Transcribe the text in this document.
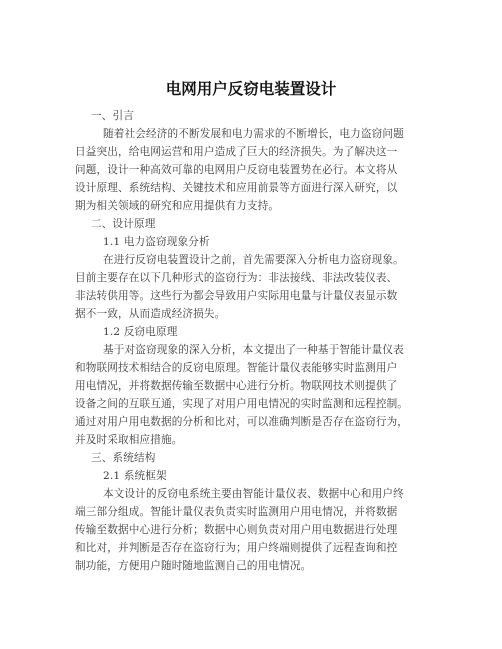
电网用户反窃电装置设计
一、引言
随着社会经济的不断发展和电力需求的不断增长，电力盗窃问题
日益突出，给电网运营和用户造成了巨大的经济损失。为了解决这一
问题，设计一种高效可靠的电网用户反窃电装置势在必行。本文将从
设计原理、系统结构、关键技术和应用前景等方面进行深入研究，以
期为相关领域的研究和应用提供有力支持。
二、设计原理
1.1 电力盗窃现象分析
在进行反窃电装置设计之前，首先需要深入分析电力盗窃现象。
目前主要存在以下几种形式的盗窃行为：非法接线、非法改装仪表、
非法转供用等。这些行为都会导致用户实际用电量与计量仪表显示数
据不一致，从而造成经济损失。
1.2 反窃电原理
基于对盗窃现象的深入分析，本文提出了一种基于智能计量仪表
和物联网技术相结合的反窃电原理。智能计量仪表能够实时监测用户
用电情况，并将数据传输至数据中心进行分析。物联网技术则提供了
设备之间的互联互通，实现了对用户用电情况的实时监测和远程控制。
通过对用户用电数据的分析和比对，可以准确判断是否存在盗窃行为，
并及时采取相应措施。
三、系统结构
2.1 系统框架
本文设计的反窃电系统主要由智能计量仪表、数据中心和用户终
端三部分组成。智能计量仪表负责实时监测用户用电情况，并将数据
传输至数据中心进行分析；数据中心则负责对用户用电数据进行处理
和比对，并判断是否存在盗窃行为；用户终端则提供了远程查询和控
制功能，方便用户随时随地监测自己的用电情况。
